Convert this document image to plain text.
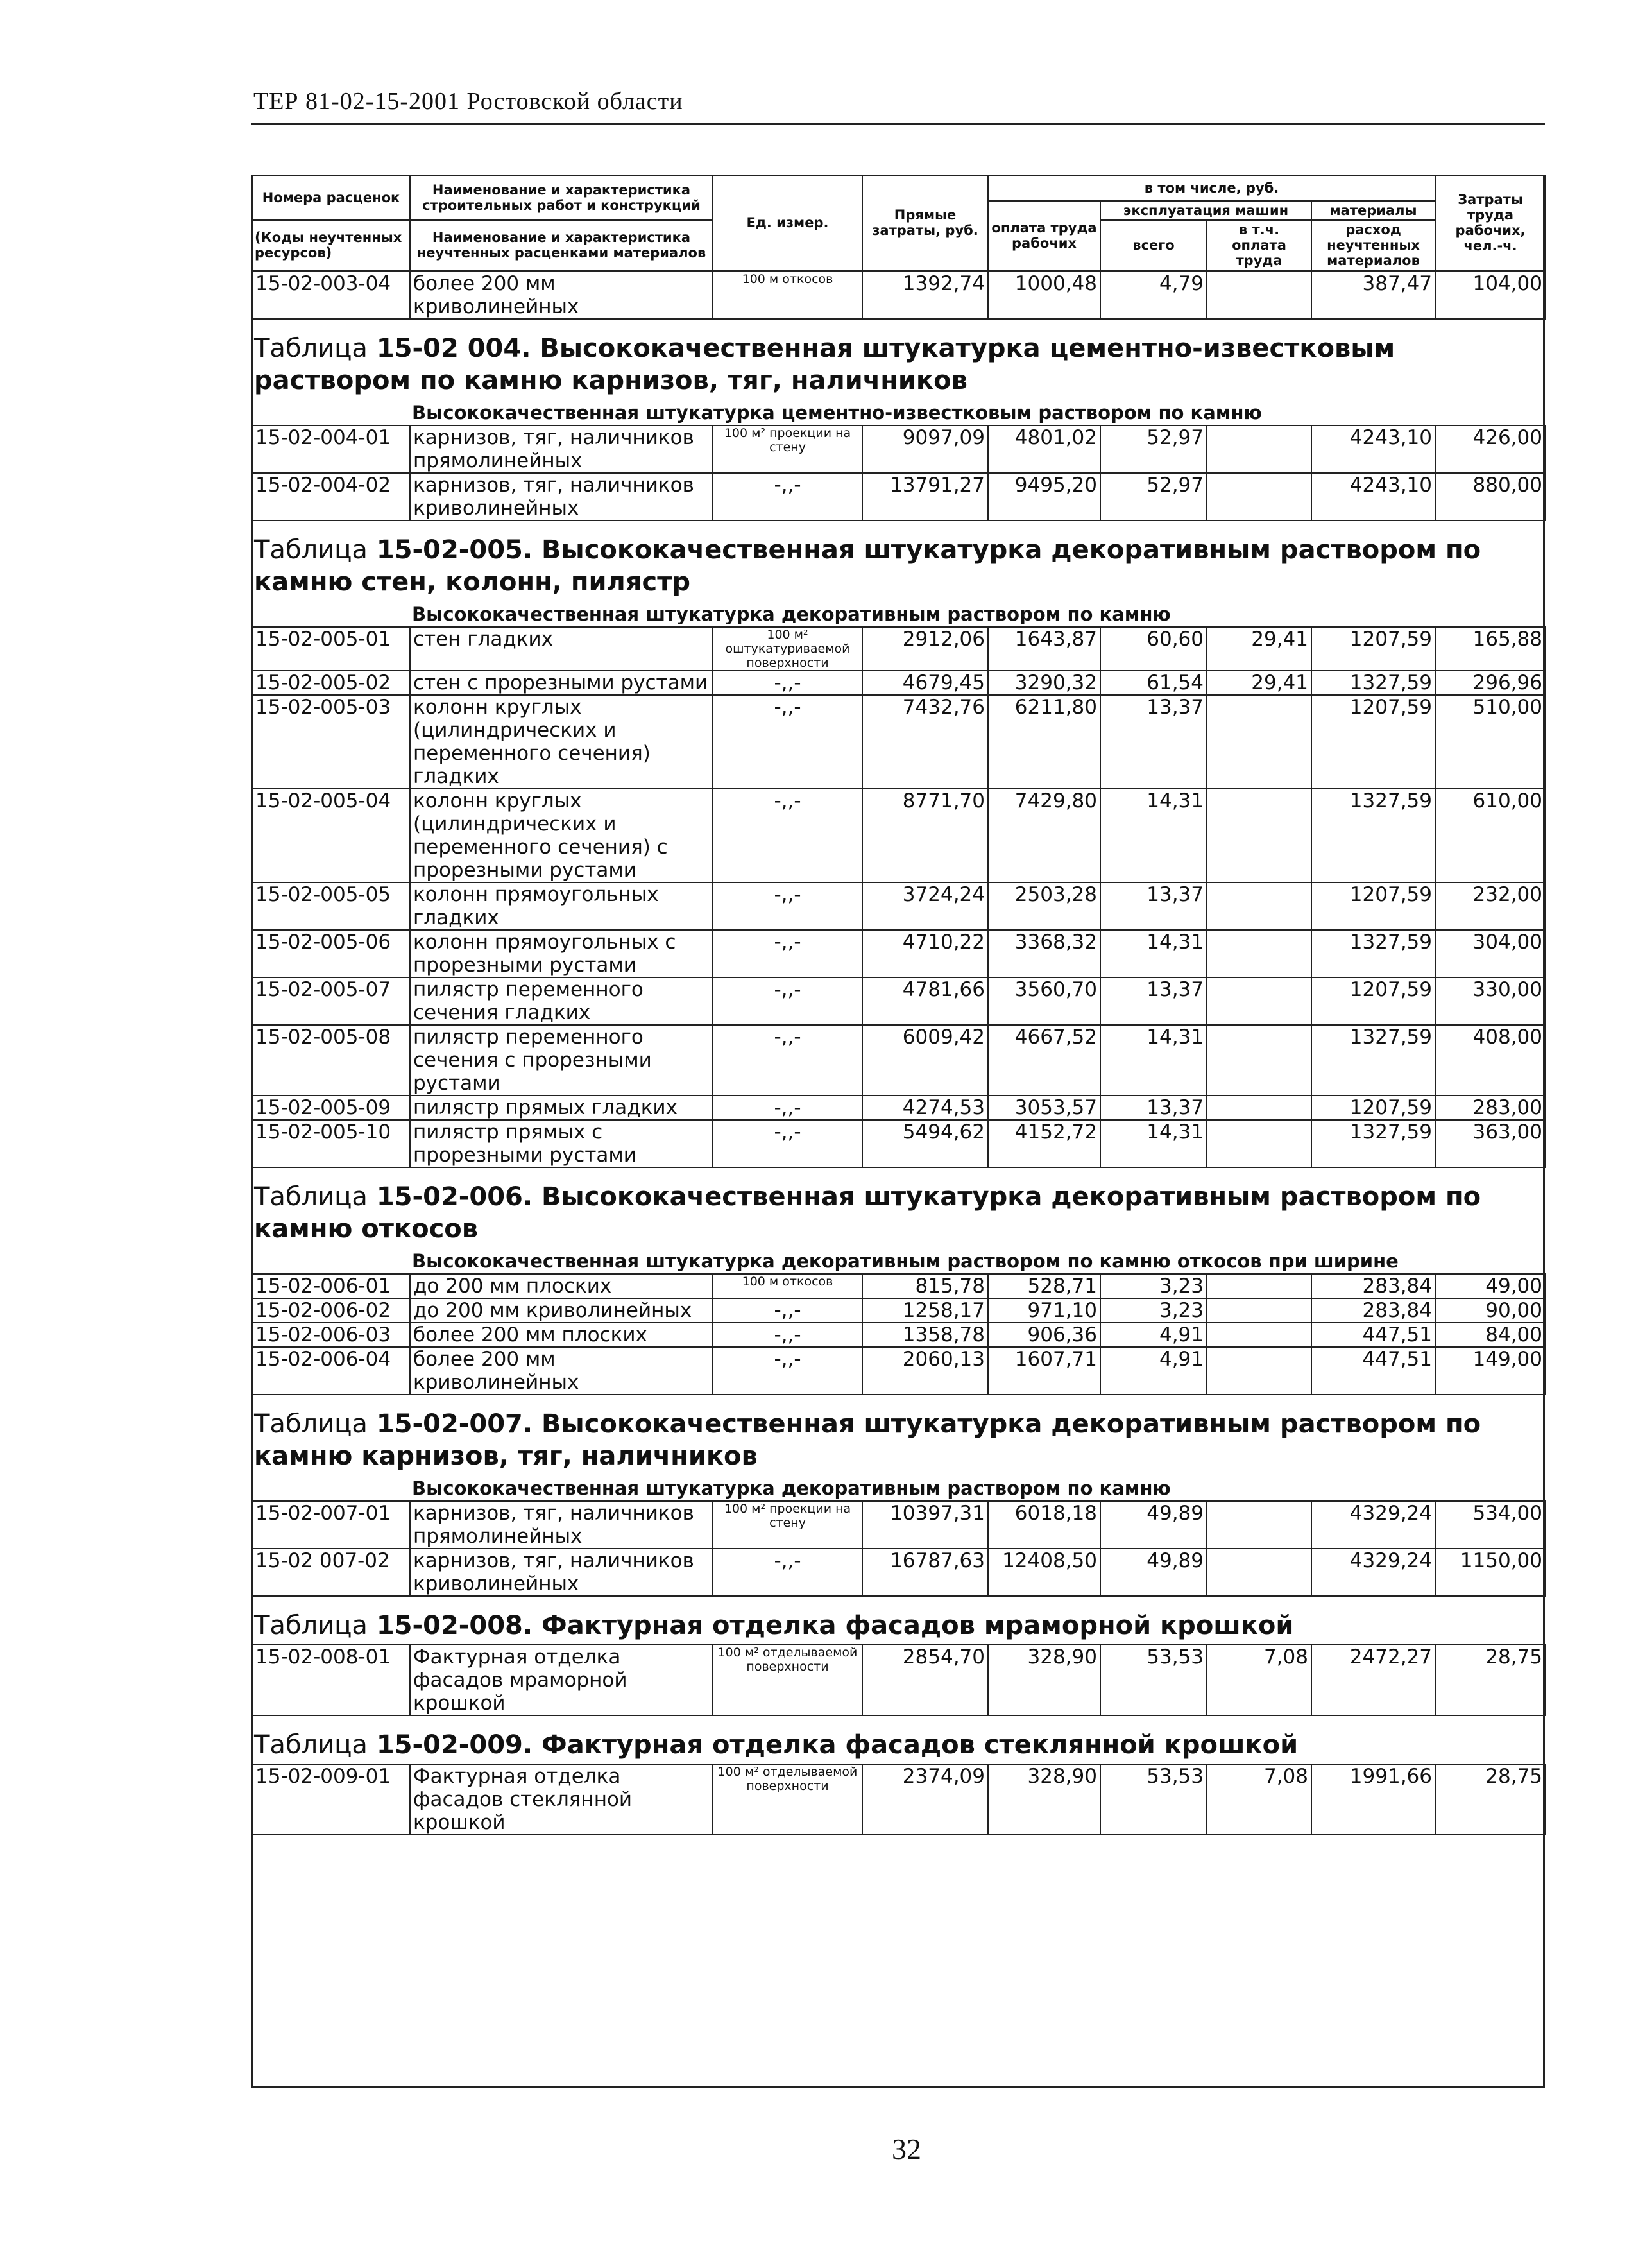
ТЕР 81-02-15-2001 Ростовской области
Номера расценок	Наименование и характеристика строительных работ и конструкций	Ед. измер.	Прямые затраты, руб.	в том числе, руб.				Затраты труда рабочих, чел.-ч.
				оплата труда рабочих	эксплуатация машин		материалы	
(Коды неучтенных ресурсов)	Наименование и характеристика неучтенных расценками материалов				всего	в т.ч. оплата труда	расход неучтенных материалов	

15-02-003-04	более 200 мм криволинейных	100 м откосов	1392,74	1000,48	4,79		387,47	104,00
Таблица 15-02 004. Высококачественная штукатурка цементно-известковым раствором по камню карнизов, тяг, наличников
Высококачественная штукатурка цементно-известковым раствором по камню
15-02-004-01	карнизов, тяг, наличников прямолинейных	100 м² проекции на стену	9097,09	4801,02	52,97		4243,10	426,00
15-02-004-02	карнизов, тяг, наличников криволинейных	-,,-	13791,27	9495,20	52,97		4243,10	880,00
Таблица 15-02-005. Высококачественная штукатурка декоративным раствором по камню стен, колонн, пилястр
Высококачественная штукатурка декоративным раствором по камню
15-02-005-01	стен гладких	100 м² оштукатуриваемой поверхности	2912,06	1643,87	60,60	29,41	1207,59	165,88
15-02-005-02	стен с прорезными рустами	-,,-	4679,45	3290,32	61,54	29,41	1327,59	296,96
15-02-005-03	колонн круглых (цилиндрических и переменного сечения) гладких	-,,-	7432,76	6211,80	13,37		1207,59	510,00
15-02-005-04	колонн круглых (цилиндрических и переменного сечения) с прорезными рустами	-,,-	8771,70	7429,80	14,31		1327,59	610,00
15-02-005-05	колонн прямоугольных гладких	-,,-	3724,24	2503,28	13,37		1207,59	232,00
15-02-005-06	колонн прямоугольных с прорезными рустами	-,,-	4710,22	3368,32	14,31		1327,59	304,00
15-02-005-07	пилястр переменного сечения гладких	-,,-	4781,66	3560,70	13,37		1207,59	330,00
15-02-005-08	пилястр переменного сечения с прорезными рустами	-,,-	6009,42	4667,52	14,31		1327,59	408,00
15-02-005-09	пилястр прямых гладких	-,,-	4274,53	3053,57	13,37		1207,59	283,00
15-02-005-10	пилястр прямых с прорезными рустами	-,,-	5494,62	4152,72	14,31		1327,59	363,00
Таблица 15-02-006. Высококачественная штукатурка декоративным раствором по камню откосов
Высококачественная штукатурка декоративным раствором по камню откосов при ширине
15-02-006-01	до 200 мм плоских	100 м откосов	815,78	528,71	3,23		283,84	49,00
15-02-006-02	до 200 мм криволинейных	-,,-	1258,17	971,10	3,23		283,84	90,00
15-02-006-03	более 200 мм плоских	-,,-	1358,78	906,36	4,91		447,51	84,00
15-02-006-04	более 200 мм криволинейных	-,,-	2060,13	1607,71	4,91		447,51	149,00
Таблица 15-02-007. Высококачественная штукатурка декоративным раствором по камню карнизов, тяг, наличников
Высококачественная штукатурка декоративным раствором по камню
15-02-007-01	карнизов, тяг, наличников прямолинейных	100 м² проекции на стену	10397,31	6018,18	49,89		4329,24	534,00
15-02 007-02	карнизов, тяг, наличников криволинейных	-,,-	16787,63	12408,50	49,89		4329,24	1150,00
Таблица 15-02-008. Фактурная отделка фасадов мраморной крошкой
15-02-008-01	Фактурная отделка фасадов мраморной крошкой	100 м² отделываемой поверхности	2854,70	328,90	53,53	7,08	2472,27	28,75
Таблица 15-02-009. Фактурная отделка фасадов стеклянной крошкой
15-02-009-01	Фактурная отделка фасадов стеклянной крошкой	100 м² отделываемой поверхности	2374,09	328,90	53,53	7,08	1991,66	28,75
32
